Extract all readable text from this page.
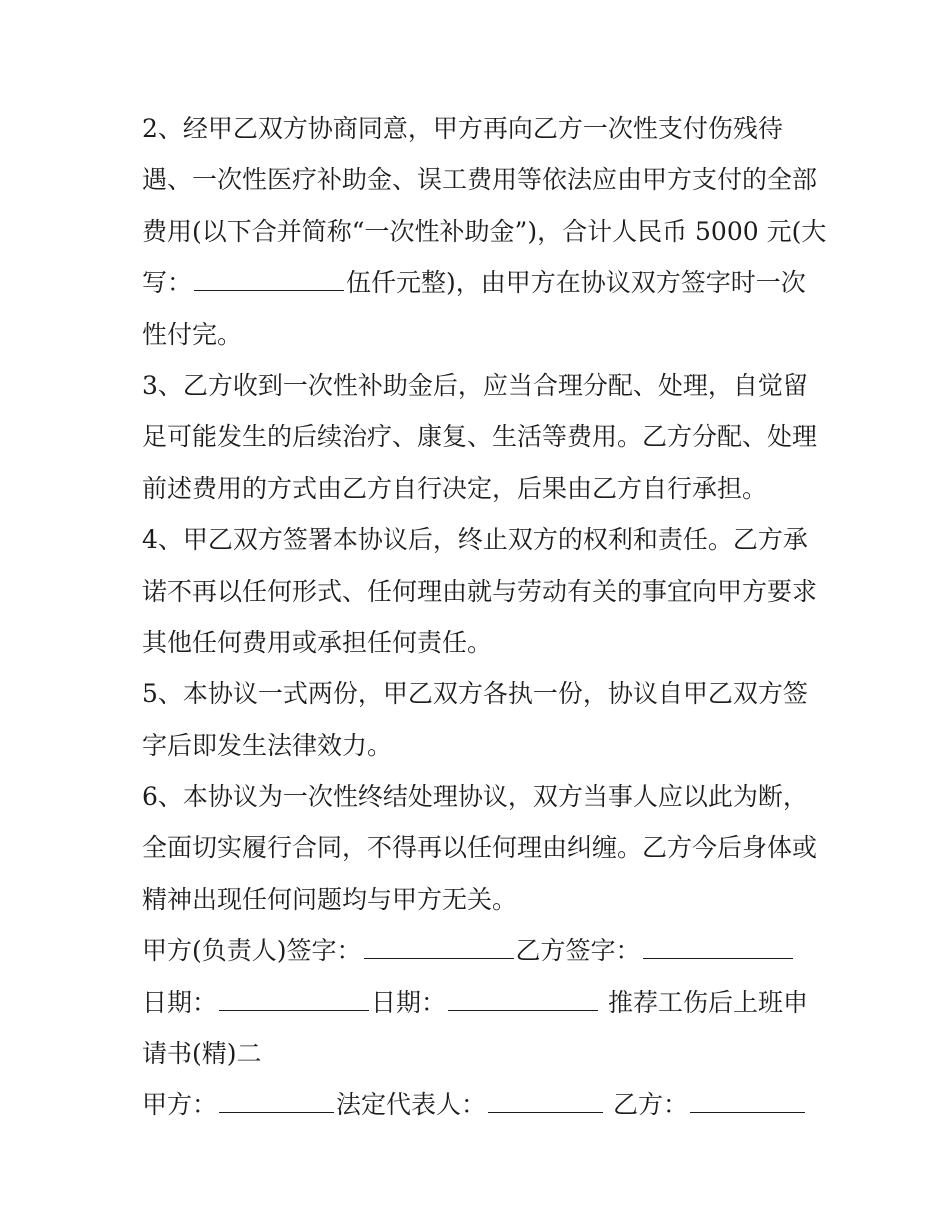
2、经甲乙双方协商同意，甲方再向乙方一次性支付伤残待
遇、一次性医疗补助金、误工费用等依法应由甲方支付的全部
费用(以下合并简称“一次性补助金”)，合计人民币 5000 元(大
写：	伍仟元整)，由甲方在协议双方签字时一次
性付完。
3、乙方收到一次性补助金后，应当合理分配、处理，自觉留
足可能发生的后续治疗、康复、生活等费用。乙方分配、处理
前述费用的方式由乙方自行决定，后果由乙方自行承担。
4、甲乙双方签署本协议后，终止双方的权利和责任。乙方承
诺不再以任何形式、任何理由就与劳动有关的事宜向甲方要求
其他任何费用或承担任何责任。
5、本协议一式两份，甲乙双方各执一份，协议自甲乙双方签
字后即发生法律效力。
6、本协议为一次性终结处理协议，双方当事人应以此为断，
全面切实履行合同，不得再以任何理由纠缠。乙方今后身体或
精神出现任何问题均与甲方无关。
甲方(负责人)签字：	乙方签字：
日期：	日期：	推荐工伤后上班申
请书(精)二
甲方：	法定代表人：	乙方：
